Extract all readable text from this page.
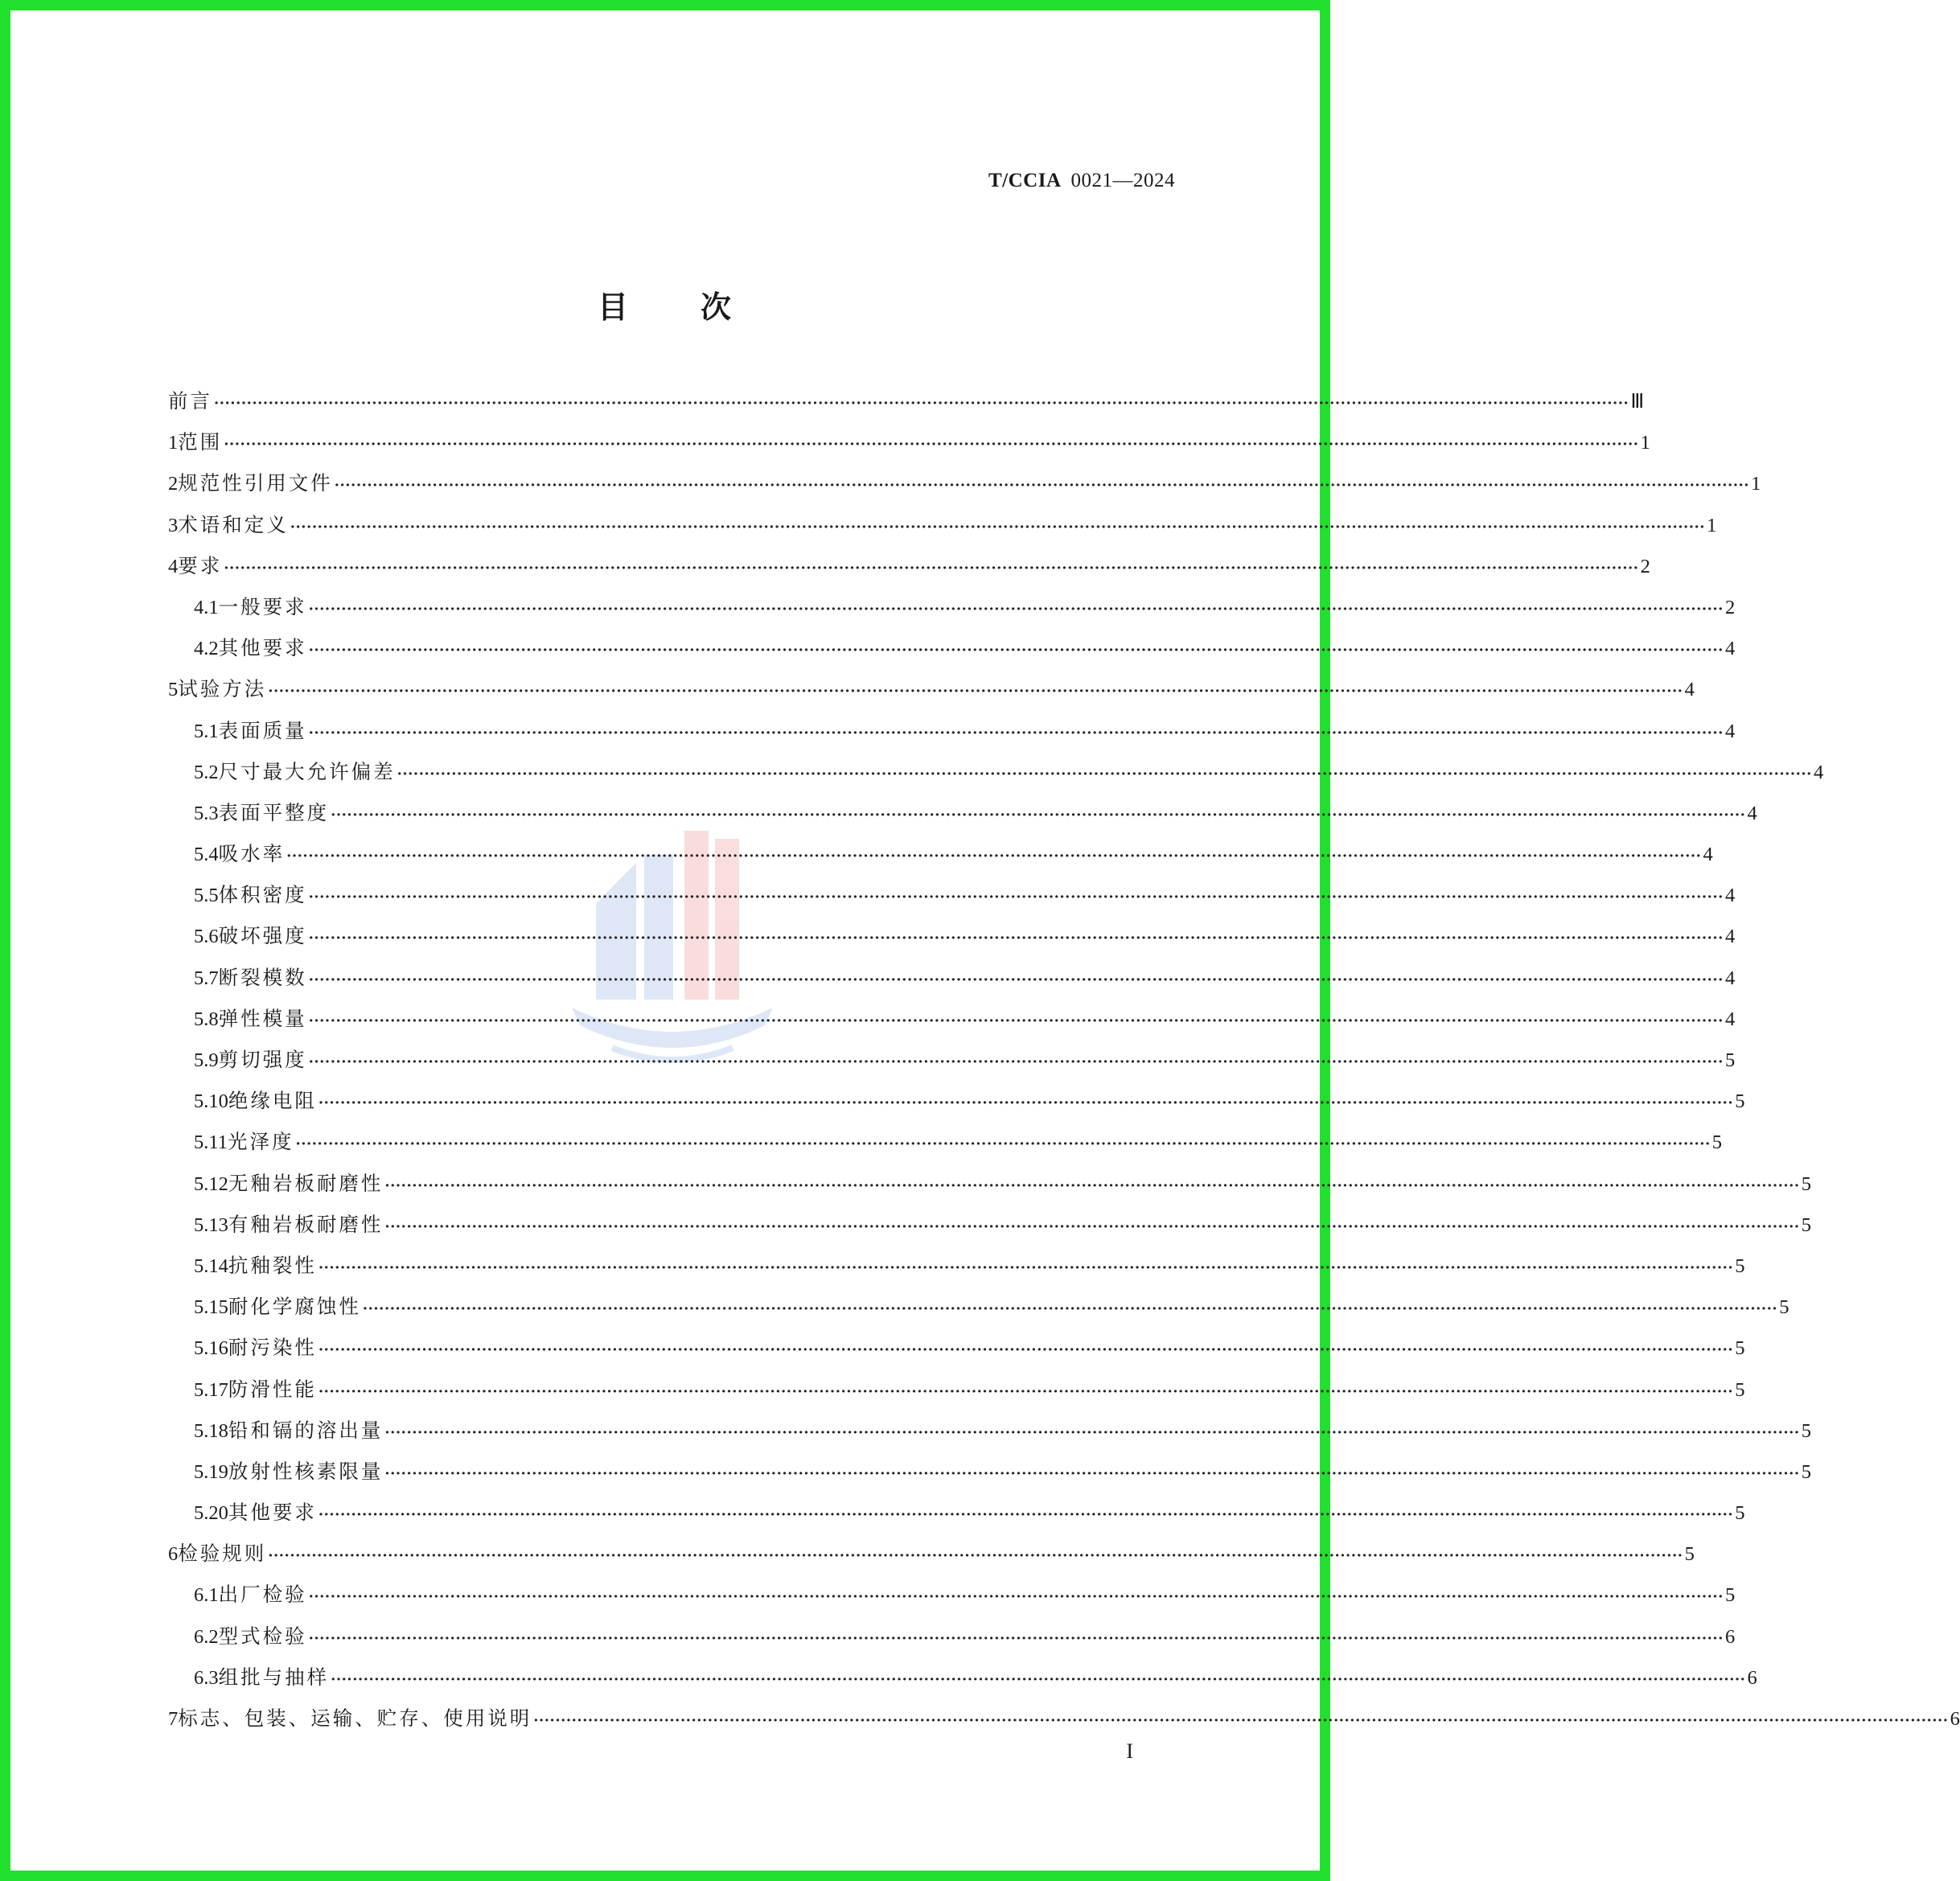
T/CCIA 0021—2024
目 次
前言 ···································································································································································································································································· Ⅲ
1 范围 ···································································································································································································································································· 1
2 规范性引用文件 ···································································································································································································································································· 1
3 术语和定义 ···································································································································································································································································· 1
4 要求 ···································································································································································································································································· 2
4.1 一般要求 ···································································································································································································································································· 2
4.2 其他要求 ···································································································································································································································································· 4
5 试验方法 ···································································································································································································································································· 4
5.1 表面质量 ···································································································································································································································································· 4
5.2 尺寸最大允许偏差 ···································································································································································································································································· 4
5.3 表面平整度 ···································································································································································································································································· 4
5.4 吸水率 ···································································································································································································································································· 4
5.5 体积密度 ···································································································································································································································································· 4
5.6 破坏强度 ···································································································································································································································································· 4
5.7 断裂模数 ···································································································································································································································································· 4
5.8 弹性模量 ···································································································································································································································································· 4
5.9 剪切强度 ···································································································································································································································································· 5
5.10 绝缘电阻 ···································································································································································································································································· 5
5.11 光泽度 ···································································································································································································································································· 5
5.12 无釉岩板耐磨性 ···································································································································································································································································· 5
5.13 有釉岩板耐磨性 ···································································································································································································································································· 5
5.14 抗釉裂性 ···································································································································································································································································· 5
5.15 耐化学腐蚀性 ···································································································································································································································································· 5
5.16 耐污染性 ···································································································································································································································································· 5
5.17 防滑性能 ···································································································································································································································································· 5
5.18 铅和镉的溶出量 ···································································································································································································································································· 5
5.19 放射性核素限量 ···································································································································································································································································· 5
5.20 其他要求 ···································································································································································································································································· 5
6 检验规则 ···································································································································································································································································· 5
6.1 出厂检验 ···································································································································································································································································· 5
6.2 型式检验 ···································································································································································································································································· 6
6.3 组批与抽样 ···································································································································································································································································· 6
7 标志、包装、运输、贮存、使用说明 ···································································································································································································································································· 6
I
